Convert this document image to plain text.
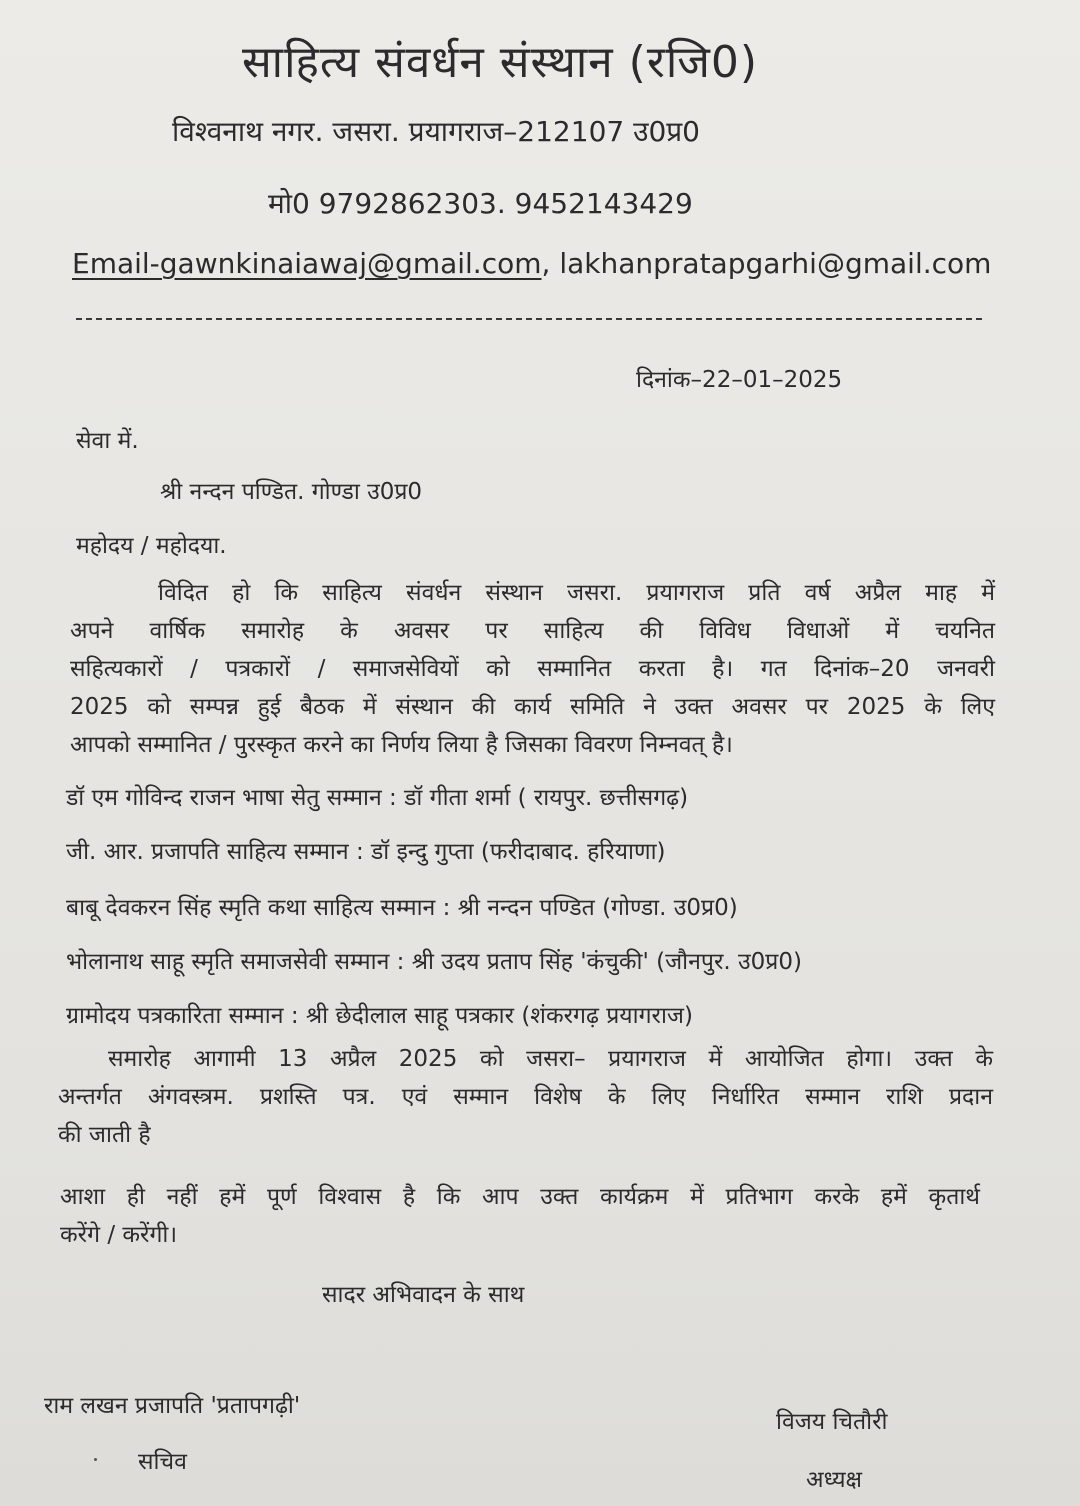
साहित्य संवर्धन संस्थान (रजि0)
विश्वनाथ नगर. जसरा. प्रयागराज–212107 उ0प्र0
मो0 9792862303. 9452143429
Email-gawnkinaiawaj@gmail.com, lakhanpratapgarhi@gmail.com
दिनांक–22–01–2025
सेवा में.
श्री नन्दन पण्डित. गोण्डा उ0प्र0
महोदय / महोदया.
विदित हो कि साहित्य संवर्धन संस्थान जसरा. प्रयागराज प्रति वर्ष अप्रैल माह में
अपने वार्षिक समारोह के अवसर पर साहित्य की विविध विधाओं में चयनित
सहित्यकारों / पत्रकारों / समाजसेवियों को सम्मानित करता है। गत दिनांक–20 जनवरी
2025 को सम्पन्न हुई बैठक में संस्थान की कार्य समिति ने उक्त अवसर पर 2025 के लिए
आपको सम्मानित / पुरस्कृत करने का निर्णय लिया है जिसका विवरण निम्नवत् है।
डॉ एम गोविन्द राजन भाषा सेतु सम्मान : डॉ गीता शर्मा ( रायपुर. छत्तीसगढ़)
जी. आर. प्रजापति साहित्य सम्मान : डॉ इन्दु गुप्ता (फरीदाबाद. हरियाणा)
बाबू देवकरन सिंह स्मृति कथा साहित्य सम्मान : श्री नन्दन पण्डित (गोण्डा. उ0प्र0)
भोलानाथ साहू स्मृति समाजसेवी सम्मान : श्री उदय प्रताप सिंह 'कंचुकी' (जौनपुर. उ0प्र0)
ग्रामोदय पत्रकारिता सम्मान : श्री छेदीलाल साहू पत्रकार (शंकरगढ़ प्रयागराज)
समारोह आगामी 13 अप्रैल 2025 को जसरा– प्रयागराज में आयोजित होगा। उक्त के
अन्तर्गत अंगवस्त्रम. प्रशस्ति पत्र. एवं सम्मान विशेष के लिए निर्धारित सम्मान राशि प्रदान
की जाती है
आशा ही नहीं हमें पूर्ण विश्वास है कि आप उक्त कार्यक्रम में प्रतिभाग करके हमें कृतार्थ
करेंगे / करेंगी।
सादर अभिवादन के साथ
राम लखन प्रजापति 'प्रतापगढ़ी'
सचिव
विजय चितौरी
अध्यक्ष
